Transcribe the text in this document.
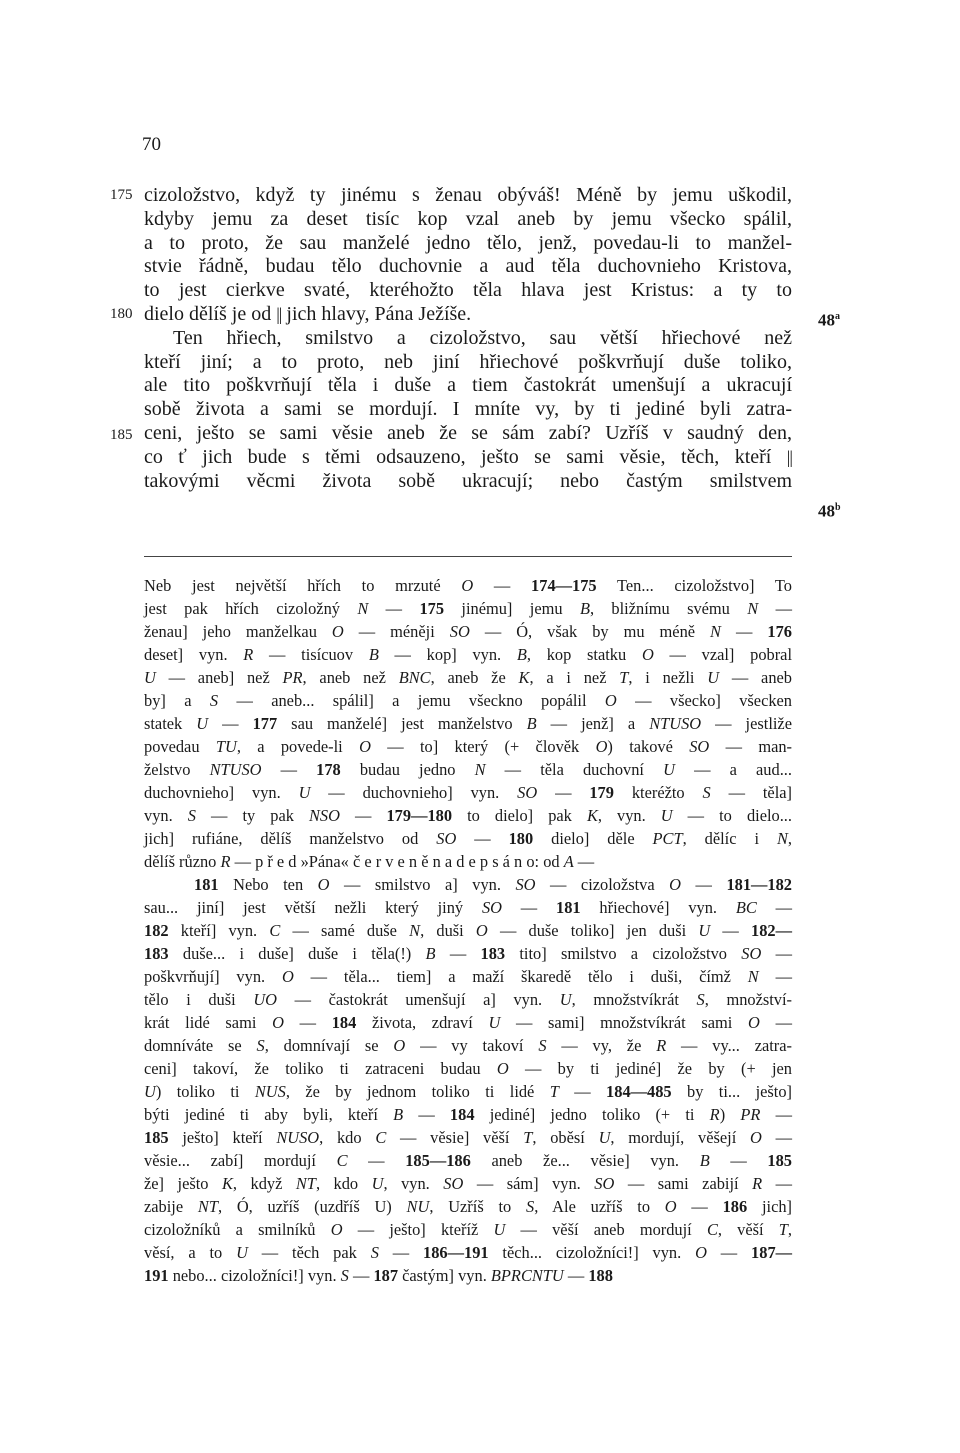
70
175 cizoložstvo, když ty jinému s ženau obýváš! Méně by jemu uškodil,
kdyby jemu za deset tisíc kop vzal aneb by jemu všecko spálil,
a to proto, že sau manželé jedno tělo, jenž, povedau-li to manžel-
stvie řádně, budau tělo duchovnie a aud těla duchovnieho Kristova,
to jest cierkve svaté, kteréhožto těla hlava jest Kristus: a ty to
180 dielo dělíš je od || jich hlavy, Pána Ježíše.	48$^a$
Ten hřiech, smilstvo a cizoložstvo, sau větší hřiechové než
kteří jiní; a to proto, neb jiní hřiechové poškvrňují duše toliko,
ale tito poškvrňují těla i duše a tiem častokrát umenšují a ukracují
sobě života a sami se mordují. I mníte vy, by ti jediné byli zatra-
185 ceni, ješto se sami věsie aneb že se sám zabí? Uzříš v saudný den,
co ť jich bude s těmi odsauzeno, ješto se sami věsie, těch, kteří ||
48$^b$
takovými věcmi života sobě ukracují; nebo častým smilstvem
Neb jest největší hřích to mrzuté O — 174—175 Ten... cizoložstvo] To
jest pak hřích cizoložný N — 175 jinému] jemu B, bližnímu svému N —
ženau] jeho manželkau O — méněji SO — Ó, však by mu méně N — 176
deset] vyn. R — tisícuov B — kop] vyn. B, kop statku O — vzal] pobral
U — aneb] než PR, aneb než BNC, aneb že K, a i než T, i nežli U — aneb
by] a S — aneb... spálil] a jemu všeckno popálil O — všecko] všecken
statek U — 177 sau manželé] jest manželstvo B — jenž] a NTUSO — jestliže
povedau TU, a povede-li O — to] který (+ člověk O) takové SO — man-
želstvo NTUSO — 178 budau jedno N — těla duchovní U — a aud...
duchovnieho] vyn. U — duchovnieho] vyn. SO — 179 kteréžto S — těla]
vyn. S — ty pak NSO — 179—180 to dielo] pak K, vyn. U — to dielo...
jich] rufiáne, dělíš manželstvo od SO — 180 dielo] děle PCT, dělíc i N,
dělíš různo R — p ř e d »Pána« č e r v e n ě n a d e p s á n o: od A —
181 Nebo ten O — smilstvo a] vyn. SO — cizoložstva O — 181—182
sau... jiní] jest větší nežli který jiný SO — 181 hřiechové] vyn. BC —
182 kteří] vyn. C — samé duše N, duši O — duše toliko] jen duši U — 182—
183 duše... i duše] duše i těla(!) B — 183 tito] smilstvo a cizoložstvo SO —
poškvrňují] vyn. O — těla... tiem] a maží škaredě tělo i duši, čímž N —
tělo i duši UO — častokrát umenšují a] vyn. U, množstvíkrát S, množství-
krát lidé sami O — 184 života, zdraví U — sami] množstvíkrát sami O —
domníváte se S, domnívají se O — vy takoví S — vy, že R — vy... zatra-
ceni] takoví, že toliko ti zatraceni budau O — by ti jediné] že by (+ jen
U) toliko ti NUS, že by jednom toliko ti lidé T — 184—485 by ti... ješto]
býti jediné ti aby byli, kteří B — 184 jediné] jedno toliko (+ ti R) PR —
185 ješto] kteří NUSO, kdo C — věsie] věší T, oběsí U, mordují, věšejí O —
věsie... zabí] mordují C — 185—186 aneb že... věsie] vyn. B — 185
že] ješto K, když NT, kdo U, vyn. SO — sám] vyn. SO — sami zabijí R —
zabije NT, Ó, uzříš (uzdříš U) NU, Uzříš to S, Ale uzříš to O — 186 jich]
cizoložníků a smilníků O — ješto] kteříž U — věší aneb mordují C, věší T,
věsí, a to U — těch pak S — 186—191 těch... cizoložníci!] vyn. O — 187—
191 nebo... cizoložníci!] vyn. S — 187 častým] vyn. BPRCNTU — 188
